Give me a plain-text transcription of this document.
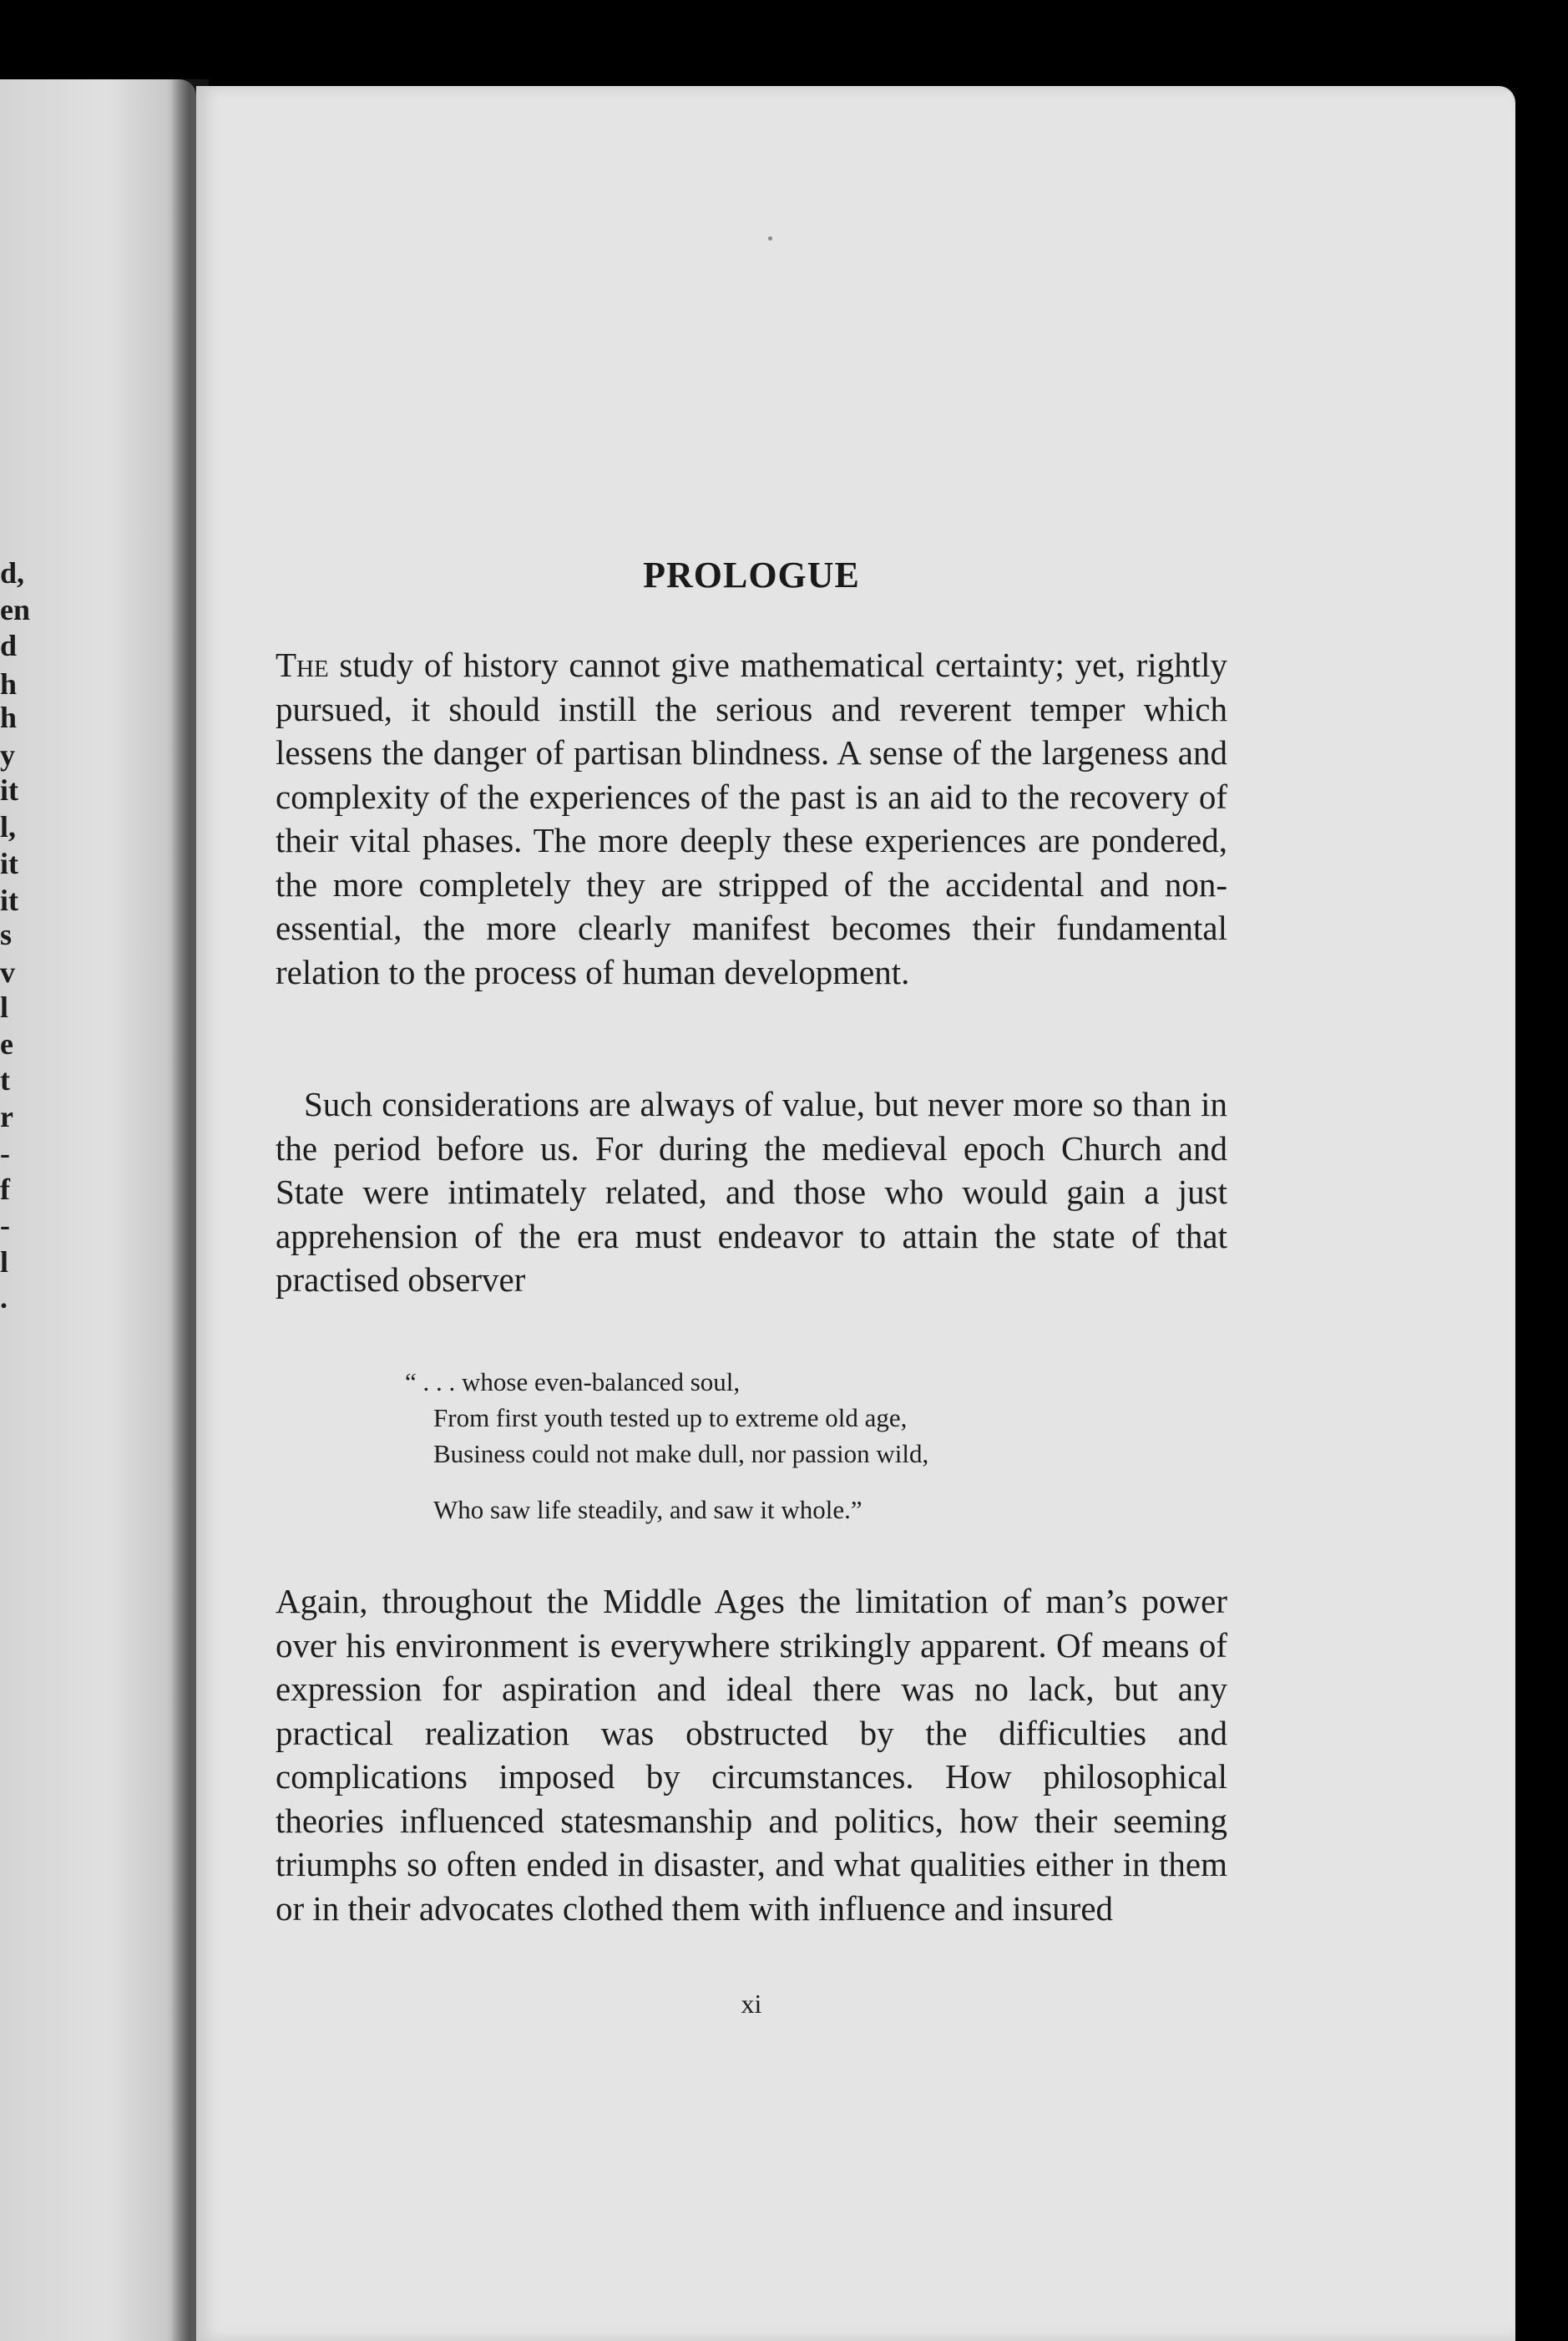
d,
en
d
h
h
y
it
l,
it
it
s
v
l
e
t
r
-
f
-
l
.
PROLOGUE

The study of history cannot give mathematical certainty; yet, rightly pursued, it should instill the serious and reverent temper which lessens the danger of partisan blindness. A sense of the largeness and complexity of the experiences of the past is an aid to the recovery of their vital phases. The more deeply these experiences are pondered, the more completely they are stripped of the accidental and non-essential, the more clearly manifest becomes their fundamental relation to the process of human development.

Such considerations are always of value, but never more so than in the period before us. For during the medieval epoch Church and State were intimately related, and those who would gain a just apprehension of the era must endeavor to attain the state of that practised observer

“ . . . whose even-balanced soul,
From first youth tested up to extreme old age,
Business could not make dull, nor passion wild,
Who saw life steadily, and saw it whole.”

Again, throughout the Middle Ages the limitation of man’s power over his environment is everywhere strikingly apparent. Of means of expression for aspiration and ideal there was no lack, but any practical realization was obstructed by the difficulties and complications imposed by circumstances. How philosophical theories influenced statesmanship and politics, how their seeming triumphs so often ended in disaster, and what qualities either in them or in their advocates clothed them with influence and insured

xi
